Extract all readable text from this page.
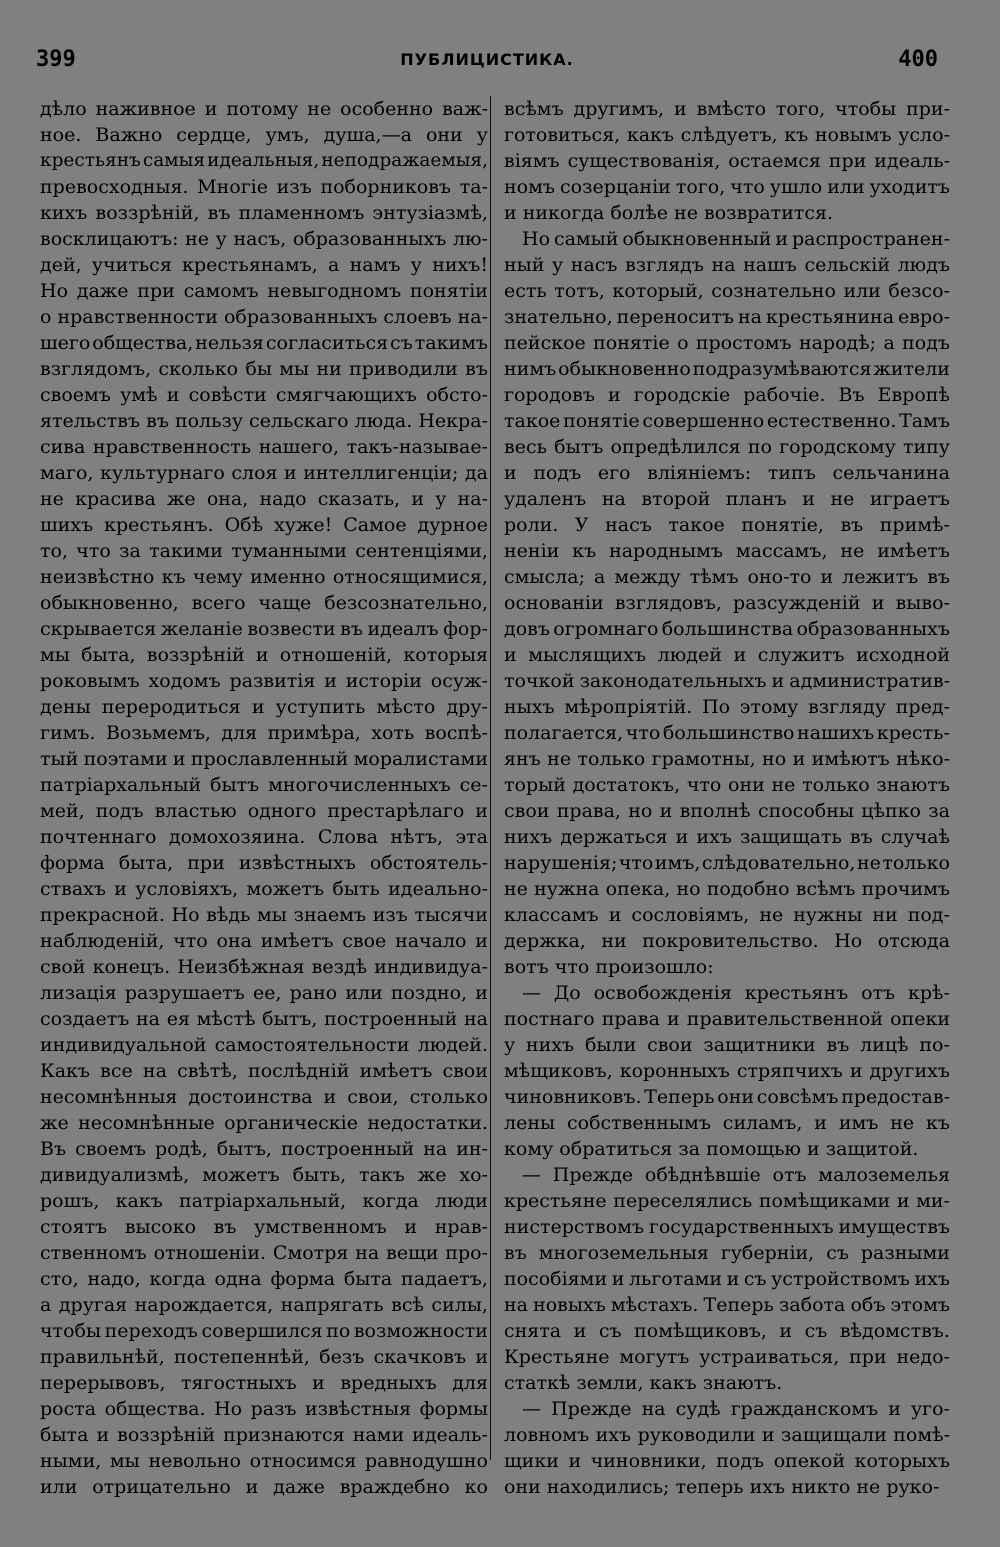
399	ПУБЛИЦИСТИКА.	400
дѣло наживное и потому не особенно важ-
ное. Важно сердце, умъ, душа,—а они у
крестьянъ самыя идеальныя, неподражаемыя,
превосходныя. Многіе изъ поборниковъ та-
кихъ воззрѣній, въ пламенномъ энтузіазмѣ,
восклицаютъ: не у насъ, образованныхъ лю-
дей, учиться крестьянамъ, а намъ у нихъ!
Но даже при самомъ невыгодномъ понятіи
о нравственности образованныхъ слоевъ на-
шего общества, нельзя согласиться съ такимъ
взглядомъ, сколько бы мы ни приводили въ
своемъ умѣ и совѣсти смягчающихъ обсто-
ятельствъ въ пользу сельскаго люда. Некра-
сива нравственность нашего, такъ-называе-
маго, культурнаго слоя и интеллигенціи; да
не красива же она, надо сказать, и у на-
шихъ крестьянъ. Обѣ хуже! Самое дурное
то, что за такими туманными сентенціями,
неизвѣстно къ чему именно относящимися,
обыкновенно, всего чаще безсознательно,
скрывается желаніе возвести въ идеалъ фор-
мы быта, воззрѣній и отношеній, которыя
роковымъ ходомъ развитія и исторіи осуж-
дены переродиться и уступить мѣсто дру-
гимъ. Возьмемъ, для примѣра, хоть воспѣ-
тый поэтами и прославленный моралистами
патріархальный бытъ многочисленныхъ се-
мей, подъ властью одного престарѣлаго и
почтеннаго домохозяина. Слова нѣтъ, эта
форма быта, при извѣстныхъ обстоятель-
ствахъ и условіяхъ, можетъ быть идеально-
прекрасной. Но вѣдь мы знаемъ изъ тысячи
наблюденій, что она имѣетъ свое начало и
свой конецъ. Неизбѣжная вездѣ индивидуа-
лизація разрушаетъ ее, рано или поздно, и
создаетъ на ея мѣстѣ бытъ, построенный на
индивидуальной самостоятельности людей.
Какъ все на свѣтѣ, послѣдній имѣетъ свои
несомнѣнныя достоинства и свои, столько
же несомнѣнные органическіе недостатки.
Въ своемъ родѣ, бытъ, построенный на ин-
дивидуализмѣ, можетъ быть, такъ же хо-
рошъ, какъ патріархальный, когда люди
стоятъ высоко въ умственномъ и нрав-
ственномъ отношеніи. Смотря на вещи про-
сто, надо, когда одна форма быта падаетъ,
а другая нарождается, напрягать всѣ силы,
чтобы переходъ совершился по возможности
правильнѣй, постепеннѣй, безъ скачковъ и
перерывовъ, тягостныхъ и вредныхъ для
роста общества. Но разъ извѣстныя формы
быта и воззрѣній признаются нами идеаль-
ными, мы невольно относимся равнодушно
или отрицательно и даже враждебно ко
всѣмъ другимъ, и вмѣсто того, чтобы при-
готовиться, какъ слѣдуетъ, къ новымъ усло-
віямъ существованія, остаемся при идеаль-
номъ созерцаніи того, что ушло или уходитъ
и никогда болѣе не возвратится.
Но самый обыкновенный и распространен-
ный у насъ взглядъ на нашъ сельскій людъ
есть тотъ, который, сознательно или безсо-
знательно, переноситъ на крестьянина евро-
пейское понятіе о простомъ народѣ; а подъ
нимъ обыкновенно подразумѣваются жители
городовъ и городскіе рабочіе. Въ Европѣ
такое понятіе совершенно естественно. Тамъ
весь бытъ опредѣлился по городскому типу
и подъ его вліяніемъ: типъ сельчанина
удаленъ на второй планъ и не играетъ
роли. У насъ такое понятіе, въ примѣ-
неніи къ народнымъ массамъ, не имѣетъ
смысла; а между тѣмъ оно-то и лежитъ въ
основаніи взглядовъ, разсужденій и выво-
довъ огромнаго большинства образованныхъ
и мыслящихъ людей и служитъ исходной
точкой законодательныхъ и административ-
ныхъ мѣропріятій. По этому взгляду пред-
полагается, что большинство нашихъ кресть-
янъ не только грамотны, но и имѣютъ нѣко-
торый достатокъ, что они не только знаютъ
свои права, но и вполнѣ способны цѣпко за
нихъ держаться и ихъ защищать въ случаѣ
нарушенія; что имъ, слѣдовательно, не только
не нужна опека, но подобно всѣмъ прочимъ
классамъ и сословіямъ, не нужны ни под-
держка, ни покровительство. Но отсюда
вотъ что произошло:
— До освобожденія крестьянъ отъ крѣ-
постнаго права и правительственной опеки
у нихъ были свои защитники въ лицѣ по-
мѣщиковъ, коронныхъ стряпчихъ и другихъ
чиновниковъ. Теперь они совсѣмъ предостав-
лены собственнымъ силамъ, и имъ не къ
кому обратиться за помощью и защитой.
— Прежде обѣднѣвшіе отъ малоземелья
крестьяне переселялись помѣщиками и ми-
нистерствомъ государственныхъ имуществъ
въ многоземельныя губерніи, съ разными
пособіями и льготами и съ устройствомъ ихъ
на новыхъ мѣстахъ. Теперь забота объ этомъ
снята и съ помѣщиковъ, и съ вѣдомствъ.
Крестьяне могутъ устраиваться, при недо-
статкѣ земли, какъ знаютъ.
— Прежде на судѣ гражданскомъ и уго-
ловномъ ихъ руководили и защищали помѣ-
щики и чиновники, подъ опекой которыхъ
они находились; теперь ихъ никто не руко-
